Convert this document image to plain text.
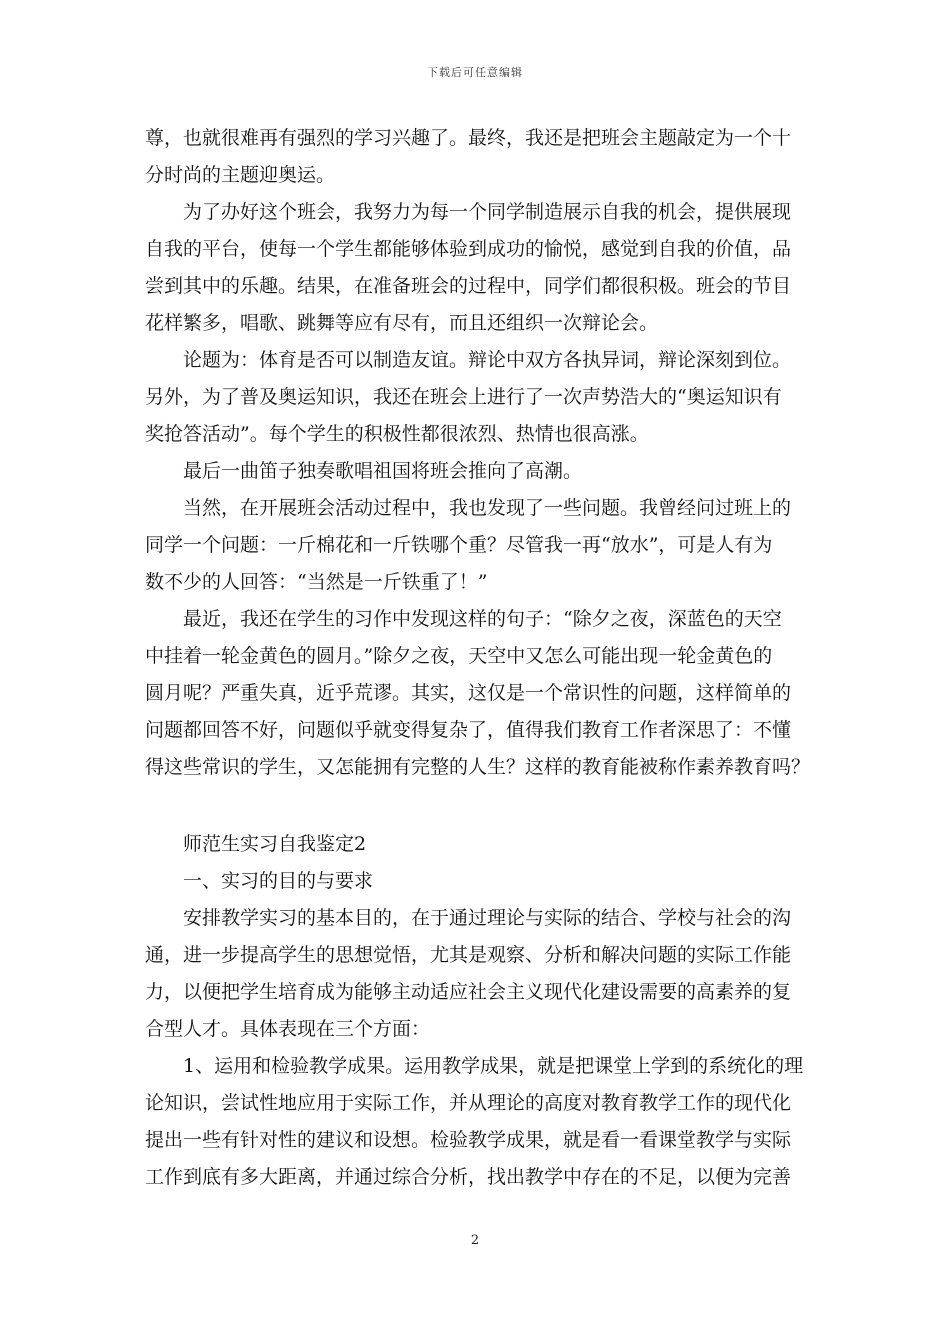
下载后可任意编辑
尊，也就很难再有强烈的学习兴趣了。最终，我还是把班会主题敲定为一个十
分时尚的主题迎奥运。
为了办好这个班会，我努力为每一个同学制造展示自我的机会，提供展现
自我的平台，使每一个学生都能够体验到成功的愉悦，感觉到自我的价值，品
尝到其中的乐趣。结果，在准备班会的过程中，同学们都很积极。班会的节目
花样繁多，唱歌、跳舞等应有尽有，而且还组织一次辩论会。
论题为：体育是否可以制造友谊。辩论中双方各执异词，辩论深刻到位。
另外，为了普及奥运知识，我还在班会上进行了一次声势浩大的“奥运知识有
奖抢答活动”。每个学生的积极性都很浓烈、热情也很高涨。
最后一曲笛子独奏歌唱祖国将班会推向了高潮。
当然，在开展班会活动过程中，我也发现了一些问题。我曾经问过班上的
同学一个问题：一斤棉花和一斤铁哪个重？尽管我一再“放水”，可是人有为
数不少的人回答：“当然是一斤铁重了！”
最近，我还在学生的习作中发现这样的句子：“除夕之夜，深蓝色的天空
中挂着一轮金黄色的圆月。”除夕之夜，天空中又怎么可能出现一轮金黄色的
圆月呢？严重失真，近乎荒谬。其实，这仅是一个常识性的问题，这样简单的
问题都回答不好，问题似乎就变得复杂了，值得我们教育工作者深思了：不懂
得这些常识的学生，又怎能拥有完整的人生？这样的教育能被称作素养教育吗？
师范生实习自我鉴定2
一、实习的目的与要求
安排教学实习的基本目的，在于通过理论与实际的结合、学校与社会的沟
通，进一步提高学生的思想觉悟，尤其是观察、分析和解决问题的实际工作能
力，以便把学生培育成为能够主动适应社会主义现代化建设需要的高素养的复
合型人才。具体表现在三个方面：
1、运用和检验教学成果。运用教学成果，就是把课堂上学到的系统化的理
论知识，尝试性地应用于实际工作，并从理论的高度对教育教学工作的现代化
提出一些有针对性的建议和设想。检验教学成果，就是看一看课堂教学与实际
工作到底有多大距离，并通过综合分析，找出教学中存在的不足，以便为完善
2
